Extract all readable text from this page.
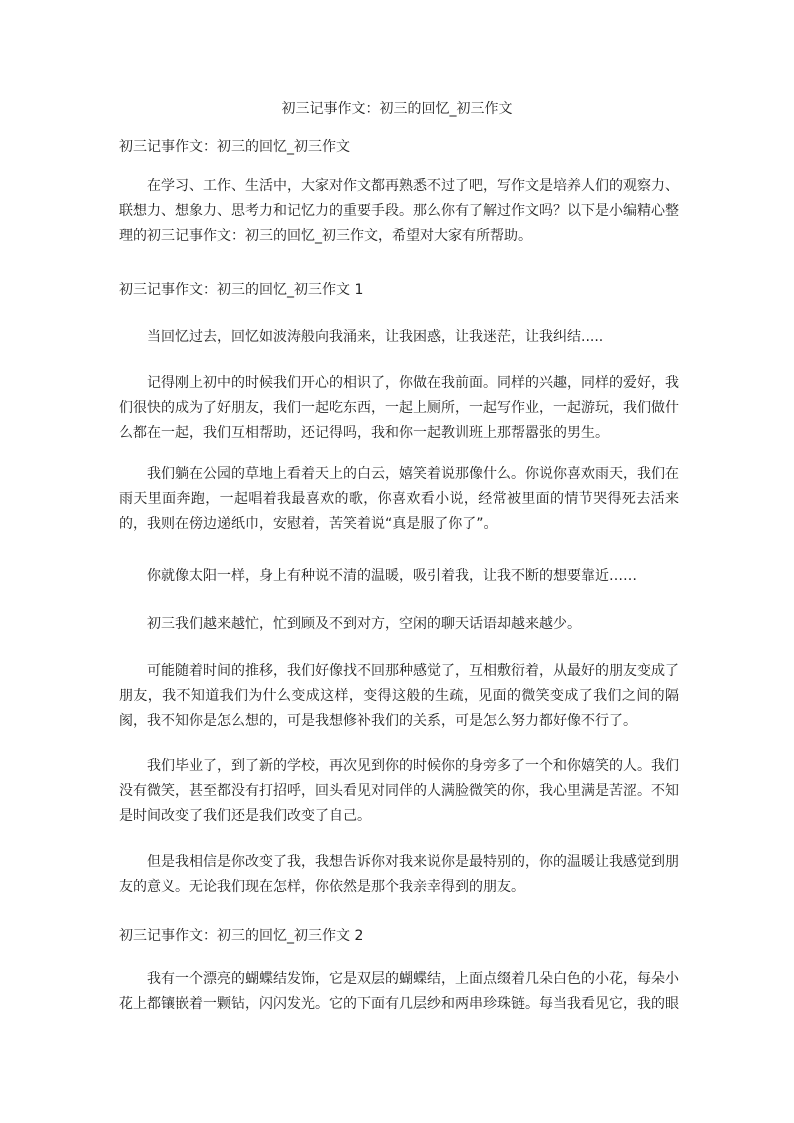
初三记事作文：初三的回忆_初三作文
初三记事作文：初三的回忆_初三作文

在学习、工作、生活中，大家对作文都再熟悉不过了吧，写作文是培养人们的观察力、联想力、想象力、思考力和记忆力的重要手段。那么你有了解过作文吗？以下是小编精心整理的初三记事作文：初三的回忆_初三作文，希望对大家有所帮助。

初三记事作文：初三的回忆_初三作文 1

当回忆过去，回忆如波涛般向我涌来，让我困惑，让我迷茫，让我纠结.....

记得刚上初中的时候我们开心的相识了，你做在我前面。同样的兴趣，同样的爱好，我们很快的成为了好朋友，我们一起吃东西，一起上厕所，一起写作业，一起游玩，我们做什么都在一起，我们互相帮助，还记得吗，我和你一起教训班上那帮嚣张的男生。

我们躺在公园的草地上看着天上的白云，嬉笑着说那像什么。你说你喜欢雨天，我们在雨天里面奔跑，一起唱着我最喜欢的歌，你喜欢看小说，经常被里面的情节哭得死去活来的，我则在傍边递纸巾，安慰着，苦笑着说“真是服了你了”。

你就像太阳一样，身上有种说不清的温暖，吸引着我，让我不断的想要靠近……

初三我们越来越忙，忙到顾及不到对方，空闲的聊天话语却越来越少。

可能随着时间的推移，我们好像找不回那种感觉了，互相敷衍着，从最好的朋友变成了朋友，我不知道我们为什么变成这样，变得这般的生疏，见面的微笑变成了我们之间的隔阂，我不知你是怎么想的，可是我想修补我们的关系，可是怎么努力都好像不行了。

我们毕业了，到了新的学校，再次见到你的时候你的身旁多了一个和你嬉笑的人。我们没有微笑，甚至都没有打招呼，回头看见对同伴的人满脸微笑的你，我心里满是苦涩。不知是时间改变了我们还是我们改变了自己。

但是我相信是你改变了我，我想告诉你对我来说你是最特别的，你的温暖让我感觉到朋友的意义。无论我们现在怎样，你依然是那个我亲幸得到的朋友。

初三记事作文：初三的回忆_初三作文 2

我有一个漂亮的蝴蝶结发饰，它是双层的蝴蝶结，上面点缀着几朵白色的小花，每朵小花上都镶嵌着一颗钻，闪闪发光。它的下面有几层纱和两串珍珠链。每当我看见它，我的眼
